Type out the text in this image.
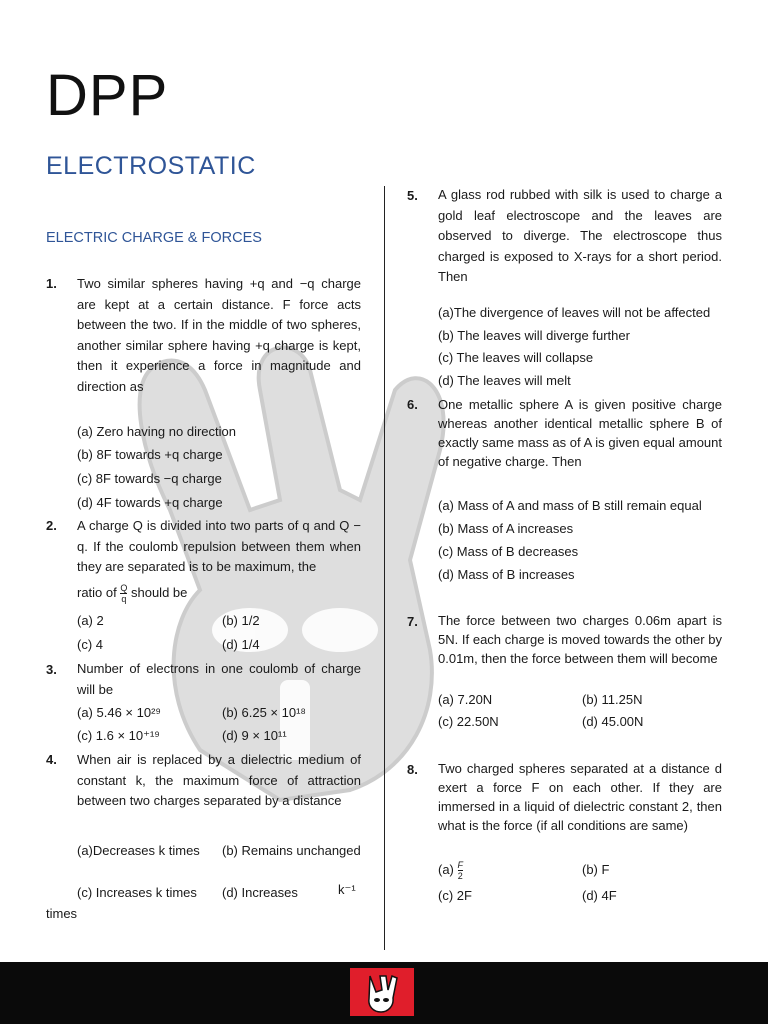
DPP
ELECTROSTATIC
ELECTRIC CHARGE & FORCES
1. Two similar spheres having +q and −q charge are kept at a certain distance. F force acts between the two. If in the middle of two spheres, another similar sphere having +q charge is kept, then it experience a force in magnitude and direction as
(a) Zero having no direction
(b) 8F towards +q charge
(c) 8F towards −q charge
(d) 4F towards +q charge
2. A charge Q is divided into two parts of q and Q − q. If the coulomb repulsion between them when they are separated is to be maximum, the
ratio of $\frac{Q}{q}$ should be
(a) 2	(b) 1/2
(c) 4	(d) 1/4
3. Number of electrons in one coulomb of charge will be
(a) 5.46 × 10²⁹	(b) 6.25 × 10¹⁸
(c) 1.6 × 10⁺¹⁹	(d) 9 × 10¹¹
4. When air is replaced by a dielectric medium of constant k, the maximum force of attraction between two charges separated by a distance
(a)Decreases k times	(b) Remains unchanged
(c) Increases k times (d) Increases	k⁻¹
times
5. A glass rod rubbed with silk is used to charge a gold leaf electroscope and the leaves are observed to diverge. The electroscope thus charged is exposed to X-rays for a short period. Then
(a)The divergence of leaves will not be affected
(b) The leaves will diverge further
(c) The leaves will collapse
(d) The leaves will melt
6. One metallic sphere A is given positive charge whereas another identical metallic sphere B of exactly same mass as of A is given equal amount of negative charge. Then
(a) Mass of A and mass of B still remain equal
(b) Mass of A increases
(c) Mass of B decreases
(d) Mass of B increases
7. The force between two charges 0.06m apart is 5N. If each charge is moved towards the other by 0.01m, then the force between them will become
(a) 7.20N	(b) 11.25N
(c) 22.50N	(d) 45.00N
8. Two charged spheres separated at a distance d exert a force F on each other. If they are immersed in a liquid of dielectric constant 2, then what is the force (if all conditions are same)
$(a) \frac{F}{2}$	(b) F
(c) 2F	(d) 4F
